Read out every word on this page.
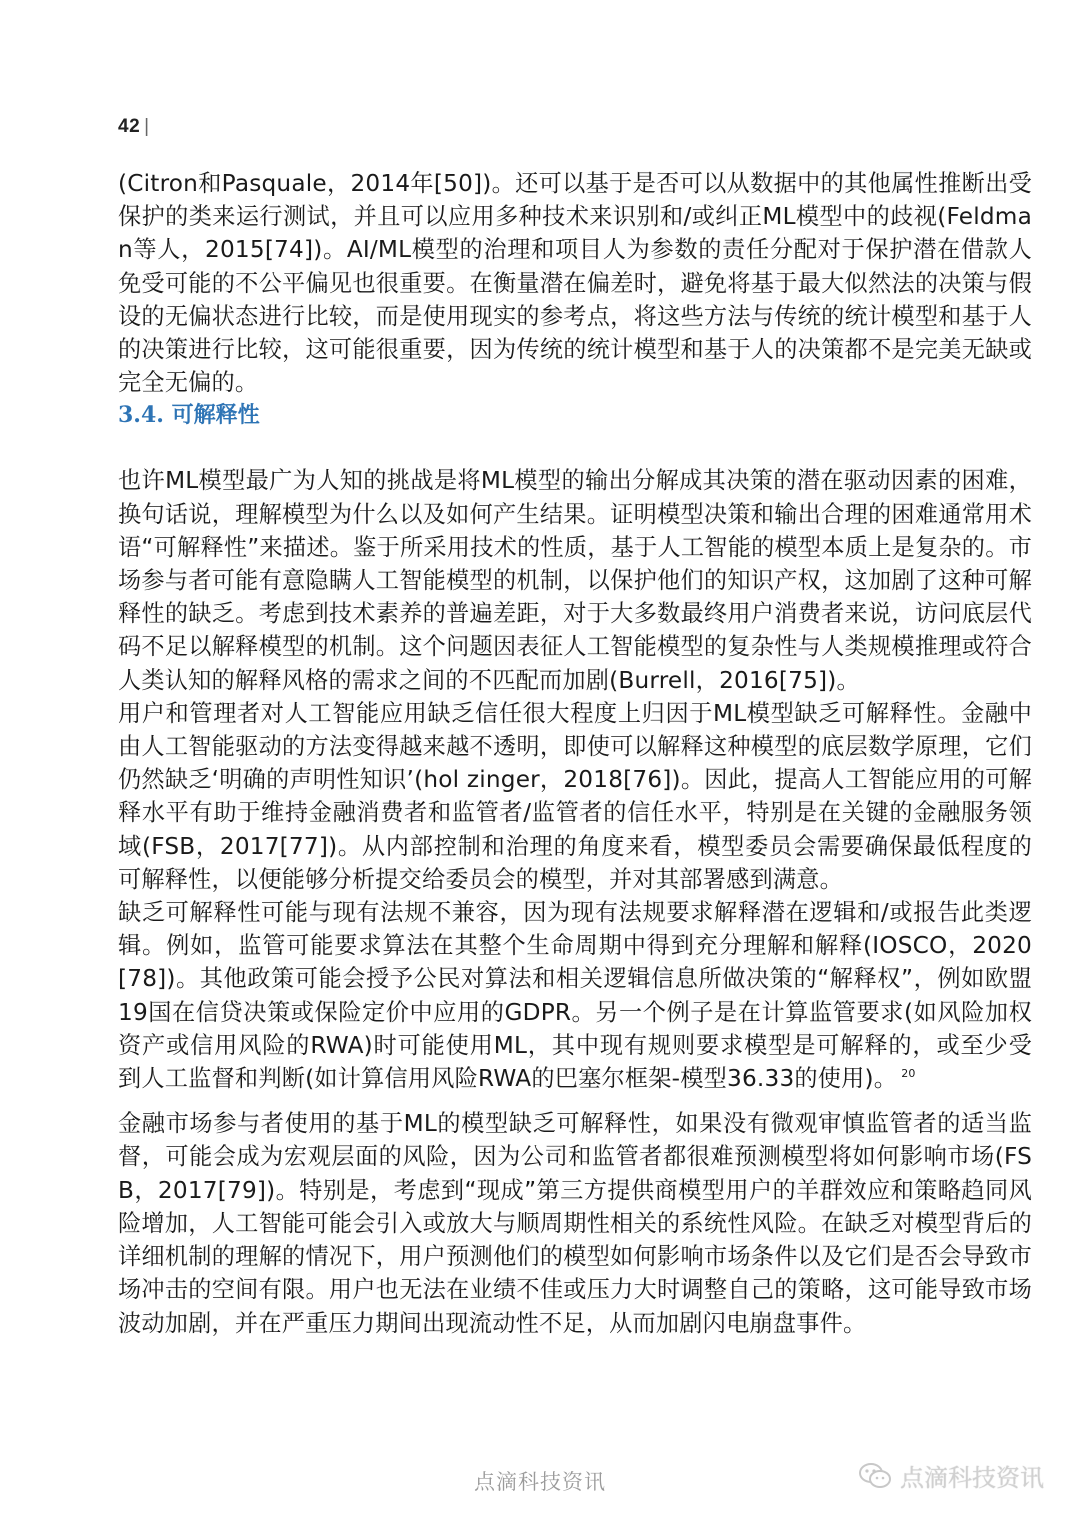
42 |

(Citron和Pasquale，2014年[50])。还可以基于是否可以从数据中的其他属性推断出受保护的类来运行测试，并且可以应用多种技术来识别和/或纠正ML模型中的歧视(Feldman等人，2015[74])。AI/ML模型的治理和项目人为参数的责任分配对于保护潜在借款人免受可能的不公平偏见也很重要。在衡量潜在偏差时，避免将基于最大似然法的决策与假设的无偏状态进行比较，而是使用现实的参考点，将这些方法与传统的统计模型和基于人的决策进行比较，这可能很重要，因为传统的统计模型和基于人的决策都不是完美无缺或完全无偏的。

3.4. 可解释性

也许ML模型最广为人知的挑战是将ML模型的输出分解成其决策的潜在驱动因素的困难，换句话说，理解模型为什么以及如何产生结果。证明模型决策和输出合理的困难通常用术语“可解释性”来描述。鉴于所采用技术的性质，基于人工智能的模型本质上是复杂的。市场参与者可能有意隐瞒人工智能模型的机制，以保护他们的知识产权，这加剧了这种可解释性的缺乏。考虑到技术素养的普遍差距，对于大多数最终用户消费者来说，访问底层代码不足以解释模型的机制。这个问题因表征人工智能模型的复杂性与人类规模推理或符合人类认知的解释风格的需求之间的不匹配而加剧(Burrell，2016[75])。

用户和管理者对人工智能应用缺乏信任很大程度上归因于ML模型缺乏可解释性。金融中由人工智能驱动的方法变得越来越不透明，即使可以解释这种模型的底层数学原理，它们仍然缺乏‘明确的声明性知识’(hol zinger，2018[76])。因此，提高人工智能应用的可解释水平有助于维持金融消费者和监管者/监管者的信任水平，特别是在关键的金融服务领域(FSB，2017[77])。从内部控制和治理的角度来看，模型委员会需要确保最低程度的可解释性，以便能够分析提交给委员会的模型，并对其部署感到满意。

缺乏可解释性可能与现有法规不兼容，因为现有法规要求解释潜在逻辑和/或报告此类逻辑。例如，监管可能要求算法在其整个生命周期中得到充分理解和解释(IOSCO，2020[78])。其他政策可能会授予公民对算法和相关逻辑信息所做决策的“解释权”，例如欧盟19国在信贷决策或保险定价中应用的GDPR。另一个例子是在计算监管要求(如风险加权资产或信用风险的RWA)时可能使用ML，其中现有规则要求模型是可解释的，或至少受到人工监督和判断(如计算信用风险RWA的巴塞尔框架-模型36.33的使用)。 $^{20}$

金融市场参与者使用的基于ML的模型缺乏可解释性，如果没有微观审慎监管者的适当监督，可能会成为宏观层面的风险，因为公司和监管者都很难预测模型将如何影响市场(FSB，2017[79])。特别是，考虑到“现成”第三方提供商模型用户的羊群效应和策略趋同风险增加，人工智能可能会引入或放大与顺周期性相关的系统性风险。在缺乏对模型背后的详细机制的理解的情况下，用户预测他们的模型如何影响市场条件以及它们是否会导致市场冲击的空间有限。用户也无法在业绩不佳或压力大时调整自己的策略，这可能导致市场波动加剧，并在严重压力期间出现流动性不足，从而加剧闪电崩盘事件。

点滴科技资讯	点滴科技资讯
